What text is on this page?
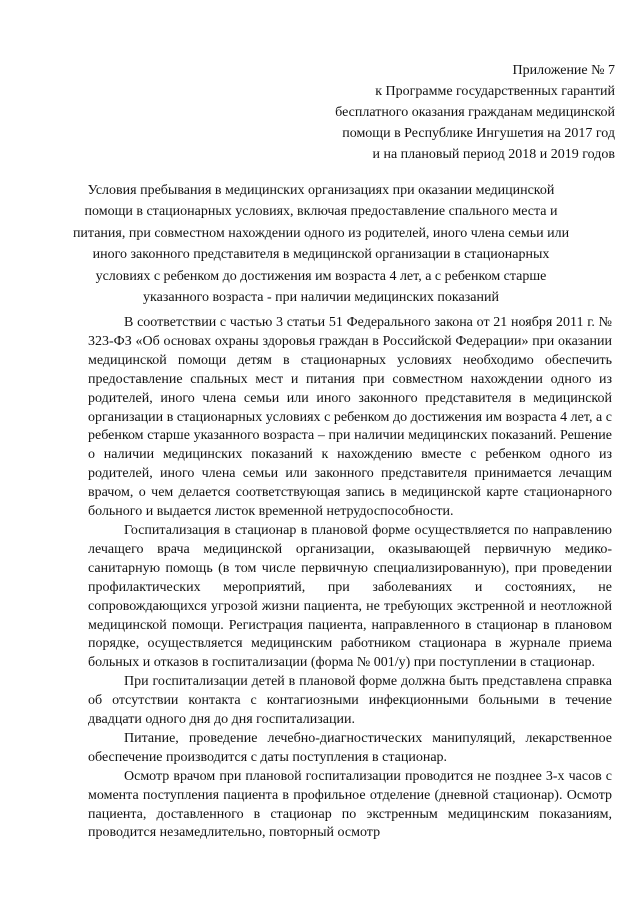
Приложение № 7
к Программе государственных гарантий
бесплатного оказания гражданам медицинской
помощи в Республике Ингушетия на 2017 год
и на плановый период 2018 и 2019 годов
Условия пребывания в медицинских организациях при оказании медицинской
помощи в стационарных условиях, включая предоставление спального места и
питания, при совместном нахождении одного из родителей, иного члена семьи или
иного законного представителя в медицинской организации в стационарных
условиях с ребенком до достижения им возраста 4 лет, а с ребенком старше
указанного возраста - при наличии медицинских показаний

В соответствии с частью 3 статьи 51 Федерального закона от 21 ноября 2011 г. № 323-ФЗ «Об основах охраны здоровья граждан в Российской Федерации» при оказании медицинской помощи детям в стационарных условиях необходимо обеспечить предоставление спальных мест и питания при совместном нахождении одного из родителей, иного члена семьи или иного законного представителя в медицинской организации в стационарных условиях с ребенком до достижения им возраста 4 лет, а с ребенком старше указанного возраста – при наличии медицинских показаний. Решение о наличии медицинских показаний к нахождению вместе с ребенком одного из родителей, иного члена семьи или законного представителя принимается лечащим врачом, о чем делается соответствующая запись в медицинской карте стационарного больного и выдается листок временной нетрудоспособности.

Госпитализация в стационар в плановой форме осуществляется по направлению лечащего врача медицинской организации, оказывающей первичную медико-санитарную помощь (в том числе первичную специализированную), при проведении профилактических мероприятий, при заболеваниях и состояниях, не сопровождающихся угрозой жизни пациента, не требующих экстренной и неотложной медицинской помощи. Регистрация пациента, направленного в стационар в плановом порядке, осуществляется медицинским работником стационара в журнале приема больных и отказов в госпитализации (форма № 001/у) при поступлении в стационар.

При госпитализации детей в плановой форме должна быть представлена справка об отсутствии контакта с контагиозными инфекционными больными в течение двадцати одного дня до дня госпитализации.

Питание, проведение лечебно-диагностических манипуляций, лекарственное обеспечение производится с даты поступления в стационар.

Осмотр врачом при плановой госпитализации проводится не позднее 3-х часов с момента поступления пациента в профильное отделение (дневной стационар). Осмотр пациента, доставленного в стационар по экстренным медицинским показаниям, проводится незамедлительно, повторный осмотр
